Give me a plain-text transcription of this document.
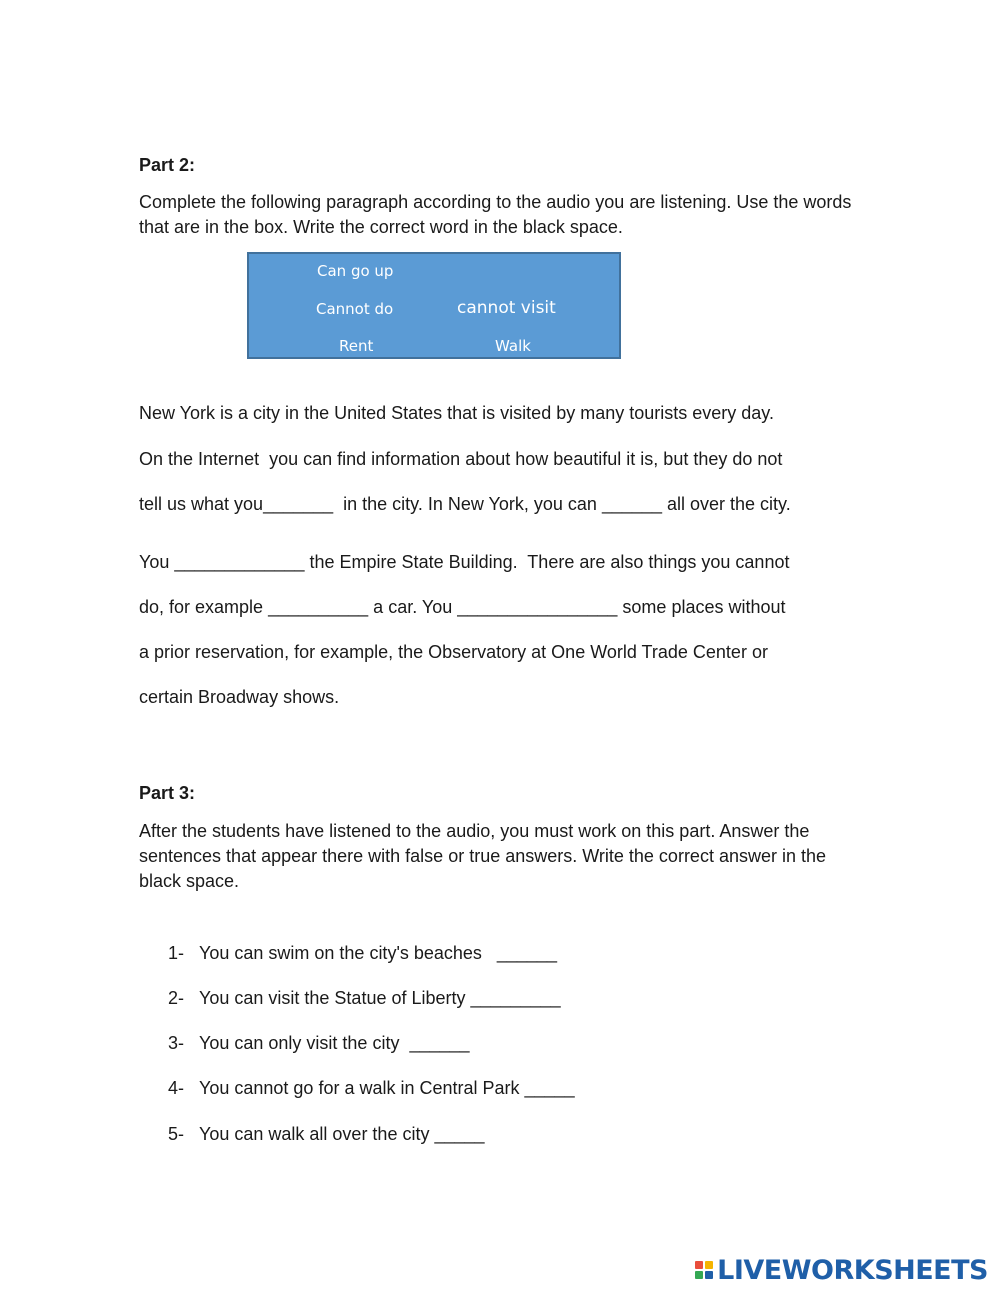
Part 2:
Complete the following paragraph according to the audio you are listening. Use the words that are in the box. Write the correct word in the black space.
Can go up
Cannot do	cannot visit
Rent	Walk
New York is a city in the United States that is visited by many tourists every day.
On the Internet  you can find information about how beautiful it is, but they do not
tell us what you_______  in the city. In New York, you can ______ all over the city.
You _____________ the Empire State Building.  There are also things you cannot
do, for example __________ a car. You ________________ some places without
a prior reservation, for example, the Observatory at One World Trade Center or
certain Broadway shows.
Part 3:
After the students have listened to the audio, you must work on this part. Answer the sentences that appear there with false or true answers. Write the correct answer in the black space.
1- You can swim on the city's beaches   ______
2- You can visit the Statue of Liberty _________
3- You can only visit the city  ______
4- You cannot go for a walk in Central Park _____
5- You can walk all over the city _____
LIVEWORKSHEETS
